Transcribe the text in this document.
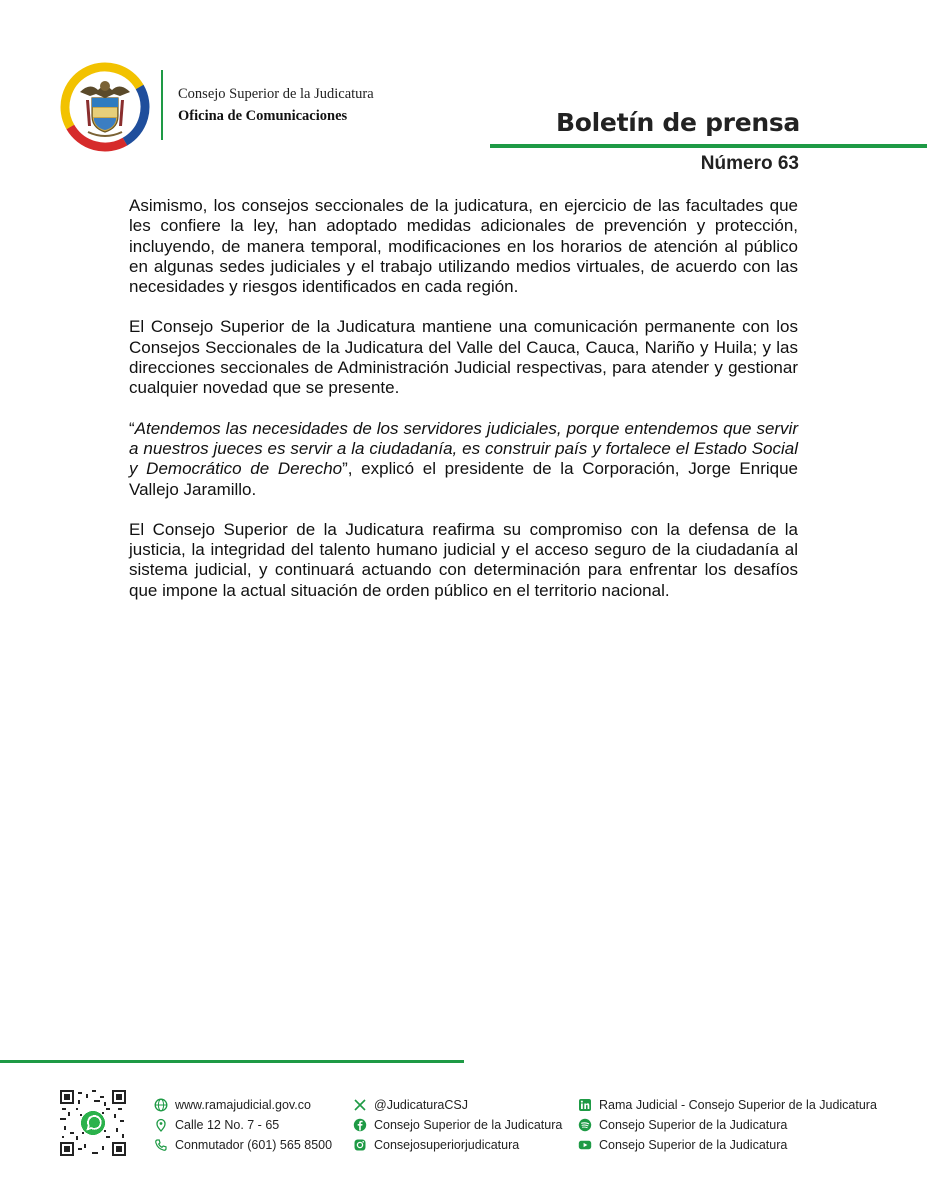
Consejo Superior de la Judicatura
Oficina de Comunicaciones	Boletín de prensa
Número 63

Asimismo, los consejos seccionales de la judicatura, en ejercicio de las facultades que les confiere la ley, han adoptado medidas adicionales de prevención y protección, incluyendo, de manera temporal, modificaciones en los horarios de atención al público en algunas sedes judiciales y el trabajo utilizando medios virtuales, de acuerdo con las necesidades y riesgos identificados en cada región.

El Consejo Superior de la Judicatura mantiene una comunicación permanente con los Consejos Seccionales de la Judicatura del Valle del Cauca, Cauca, Nariño y Huila; y las direcciones seccionales de Administración Judicial respectivas, para atender y gestionar cualquier novedad que se presente.

“Atendemos las necesidades de los servidores judiciales, porque entendemos que servir a nuestros jueces es servir a la ciudadanía, es construir país y fortalece el Estado Social y Democrático de Derecho”, explicó el presidente de la Corporación, Jorge Enrique Vallejo Jaramillo.

El Consejo Superior de la Judicatura reafirma su compromiso con la defensa de la justicia, la integridad del talento humano judicial y el acceso seguro de la ciudadanía al sistema judicial, y continuará actuando con determinación para enfrentar los desafíos que impone la actual situación de orden público en el territorio nacional.

www.ramajudicial.gov.co
Calle 12 No. 7 - 65
Conmutador (601) 565 8500
@JudicaturaCSJ
Consejo Superior de la Judicatura
Consejosuperiorjudicatura
Rama Judicial - Consejo Superior de la Judicatura
Consejo Superior de la Judicatura
Consejo Superior de la Judicatura
